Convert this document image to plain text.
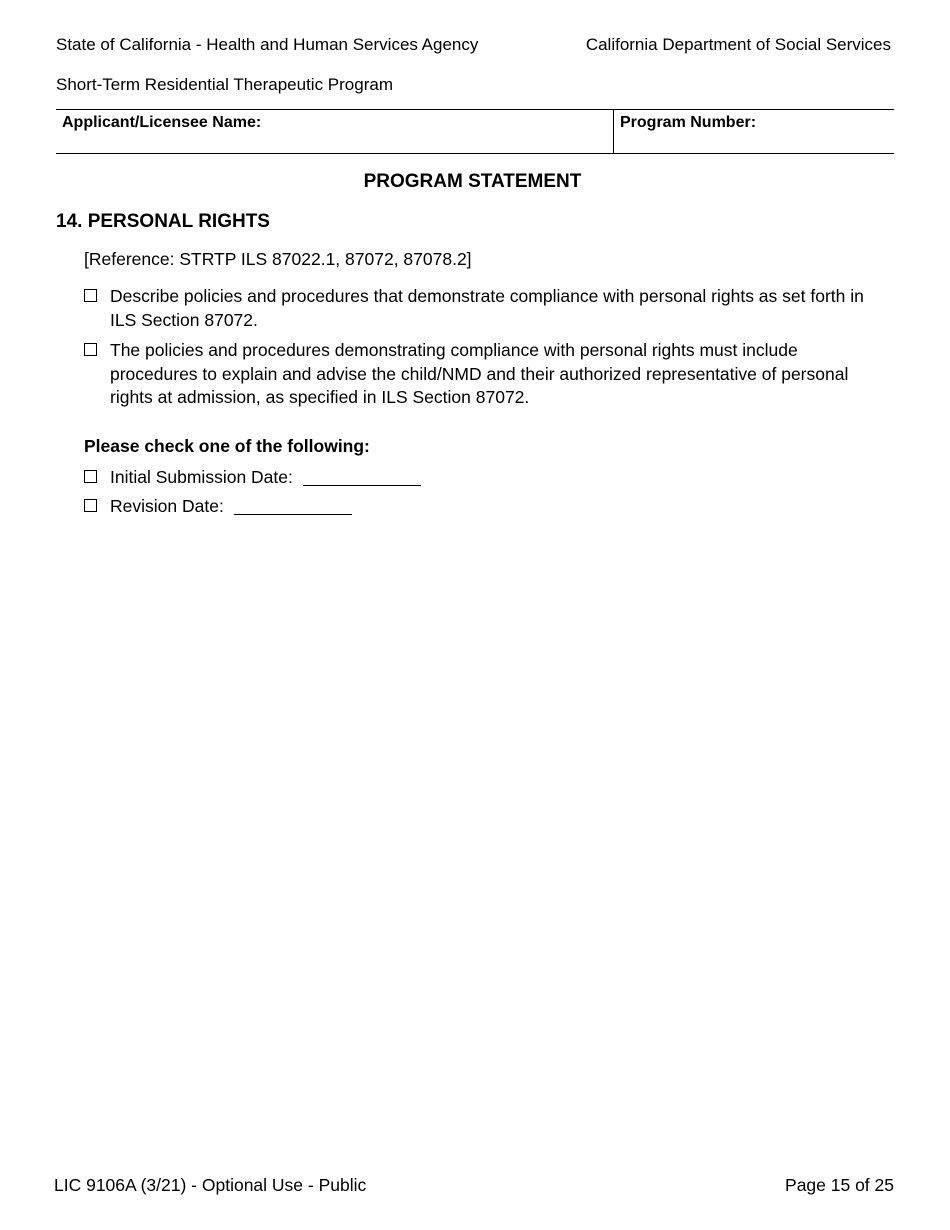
State of California - Health and Human Services Agency	California Department of Social Services
Short-Term Residential Therapeutic Program
Applicant/Licensee Name:	Program Number:
PROGRAM STATEMENT
14. PERSONAL RIGHTS
[Reference: STRTP ILS 87022.1, 87072, 87078.2]
Describe policies and procedures that demonstrate compliance with personal rights as set forth in ILS Section 87072.
The policies and procedures demonstrating compliance with personal rights must include procedures to explain and advise the child/NMD and their authorized representative of personal rights at admission, as specified in ILS Section 87072.
Please check one of the following:
Initial Submission Date:
Revision Date:
LIC 9106A (3/21) - Optional Use - Public	Page 15 of 25
